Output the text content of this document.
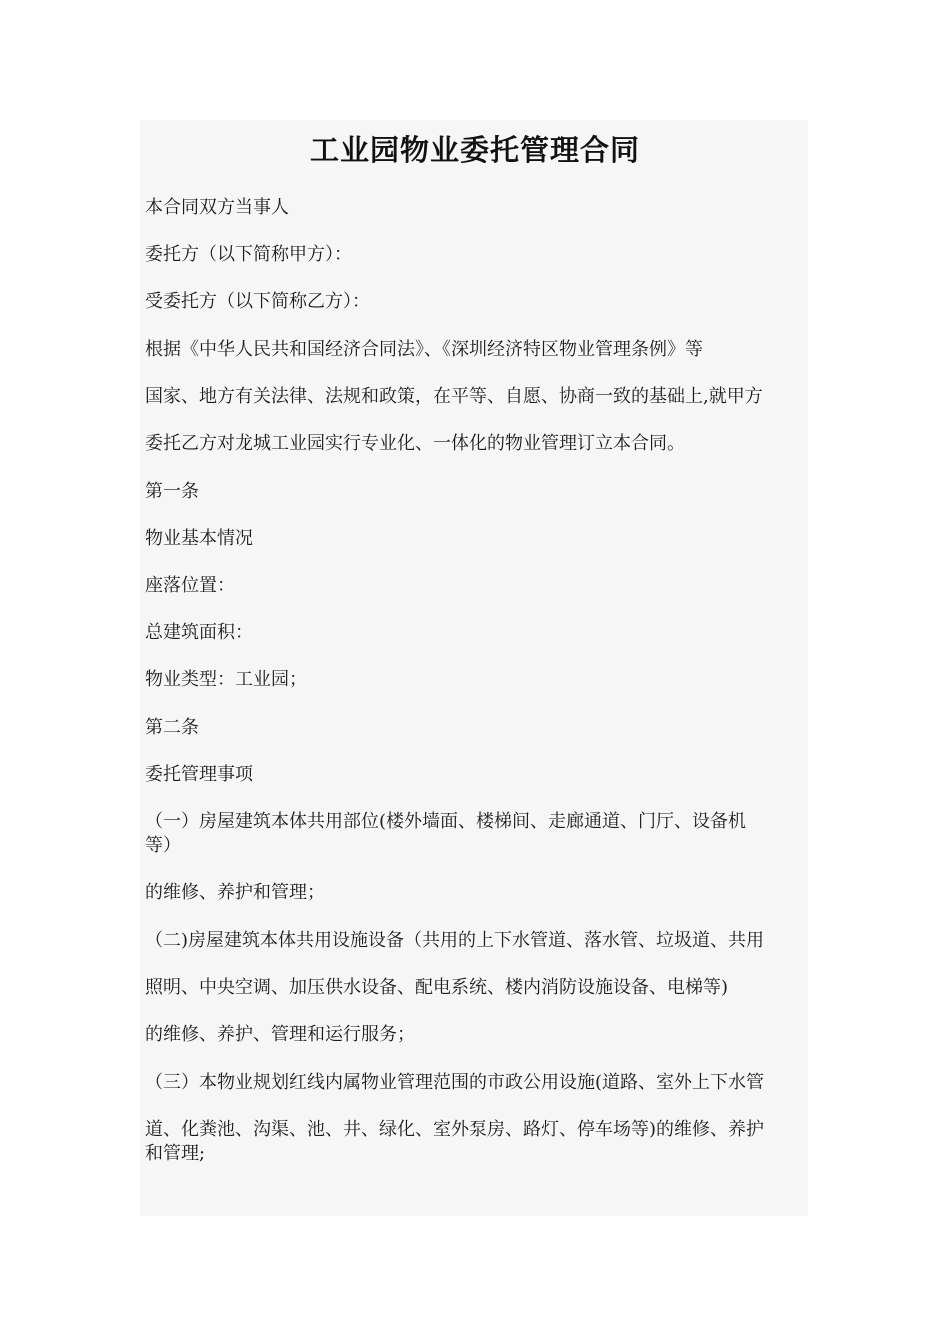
工业园物业委托管理合同

本合同双方当事人

委托方（以下简称甲方）：

受委托方（以下简称乙方）：

根据《中华人民共和国经济合同法》、《深圳经济特区物业管理条例》等

国家、地方有关法律、法规和政策，在平等、自愿、协商一致的基础上,就甲方

委托乙方对龙城工业园实行专业化、一体化的物业管理订立本合同。

第一条

物业基本情况

座落位置：

总建筑面积：

物业类型：工业园；

第二条

委托管理事项

（一）房屋建筑本体共用部位(楼外墙面、楼梯间、走廊通道、门厅、设备机

等）

的维修、养护和管理；

（二)房屋建筑本体共用设施设备（共用的上下水管道、落水管、垃圾道、共用

照明、中央空调、加压供水设备、配电系统、楼内消防设施设备、电梯等)

的维修、养护、管理和运行服务；

（三）本物业规划红线内属物业管理范围的市政公用设施(道路、室外上下水管

道、化粪池、沟渠、池、井、绿化、室外泵房、路灯、停车场等)的维修、养护

和管理;
